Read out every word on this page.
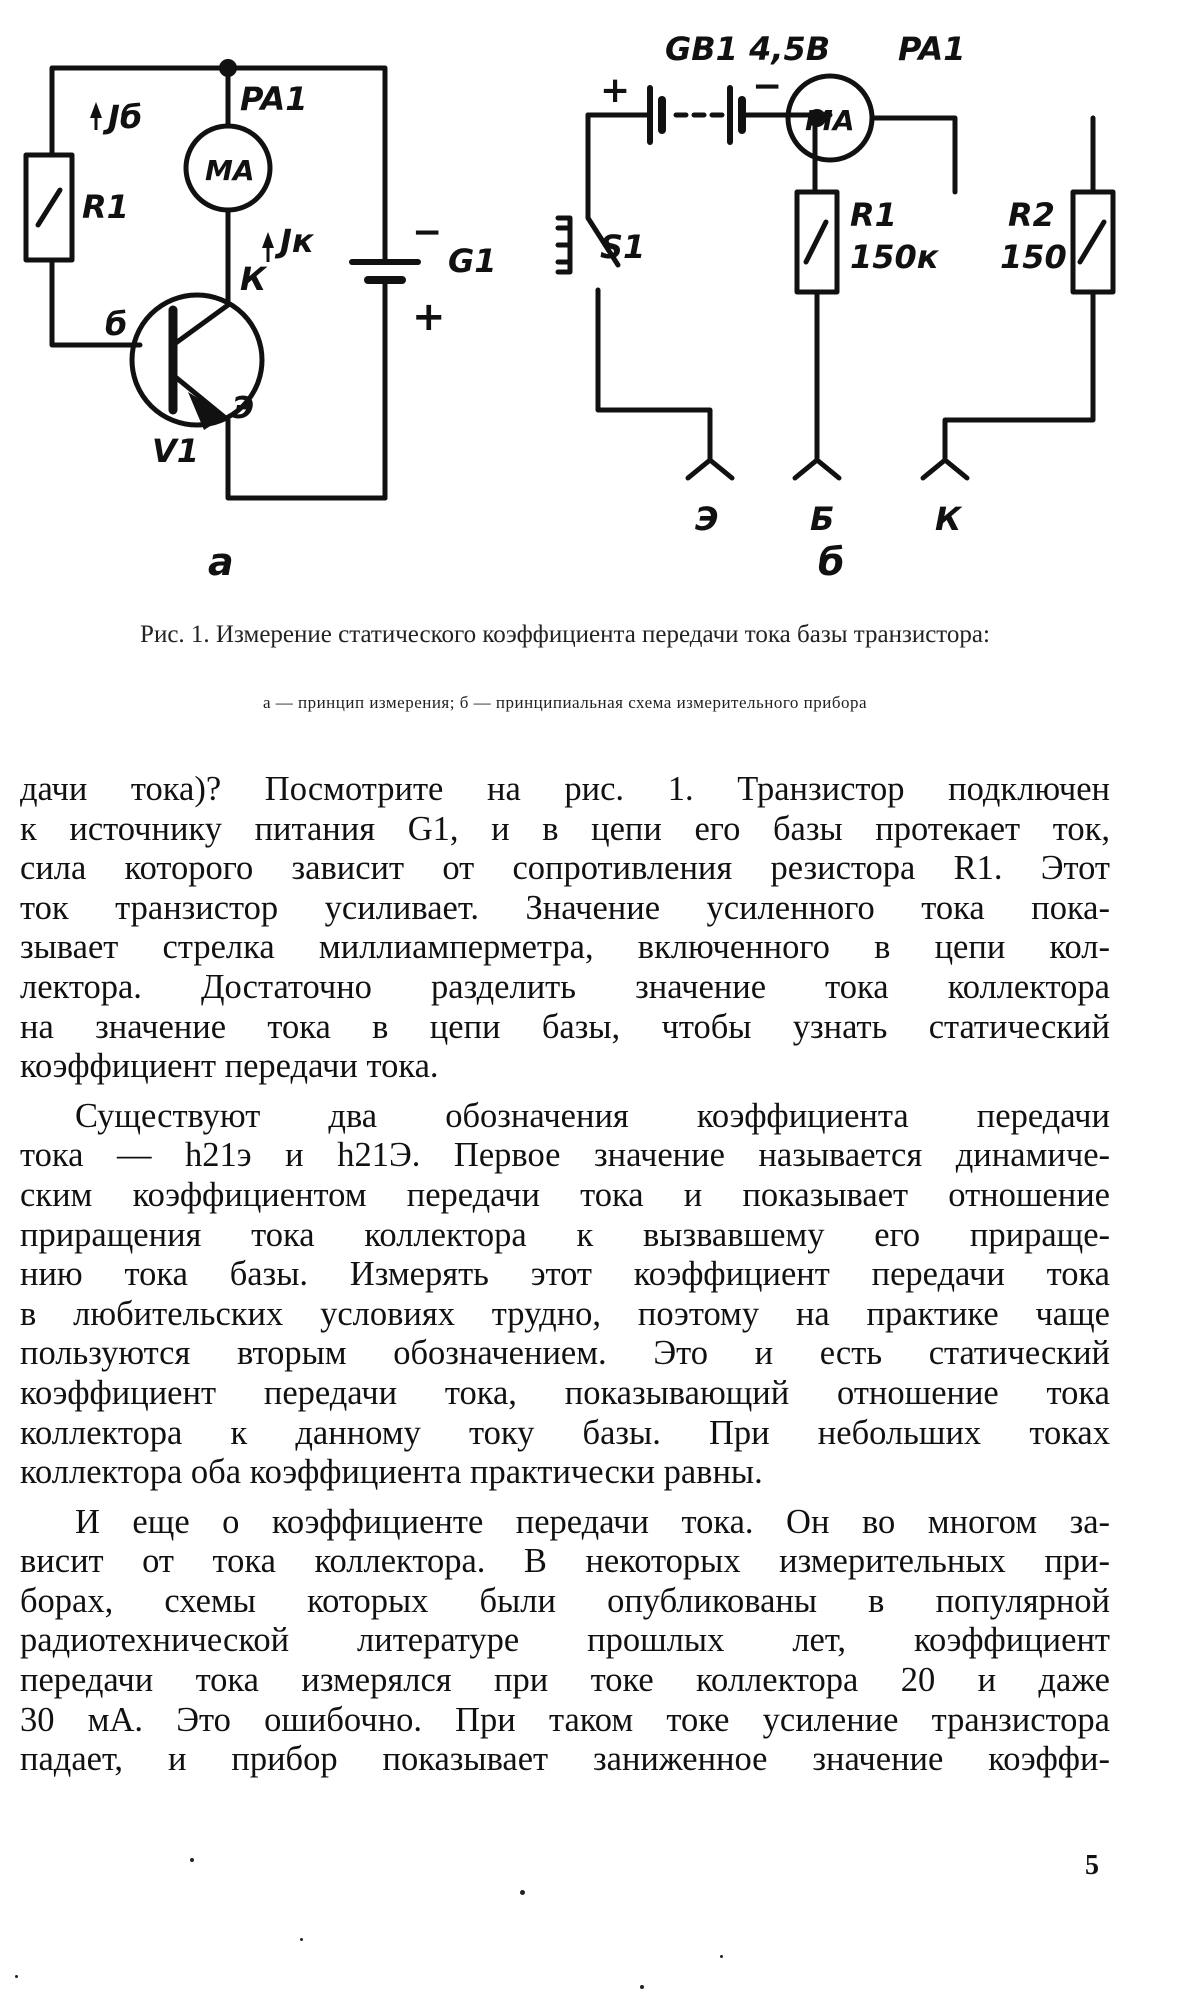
Jб	PA1
MA
R1
Jк
К
б
Э
V1
−
G1
+
а
GB1 4,5В PA1
MA
+	−
S1
R1
150к
R2
150
Э	Б	К
б
Рис. 1. Измерение статического коэффициента передачи тока базы транзистора:
а — принцип измерения; б — принципиальная схема измерительного прибора
дачи тока)? Посмотрите на рис. 1. Транзистор подключен
к источнику питания G1, и в цепи его базы протекает ток,
сила которого зависит от сопротивления резистора R1. Этот
ток транзистор усиливает. Значение усиленного тока пока-
зывает стрелка миллиамперметра, включенного в цепи кол-
лектора. Достаточно разделить значение тока коллектора
на значение тока в цепи базы, чтобы узнать статический
коэффициент передачи тока.
Существуют два обозначения коэффициента передачи
тока — h21э и h21Э. Первое значение называется динамиче-
ским коэффициентом передачи тока и показывает отношение
приращения тока коллектора к вызвавшему его прираще-
нию тока базы. Измерять этот коэффициент передачи тока
в любительских условиях трудно, поэтому на практике чаще
пользуются вторым обозначением. Это и есть статический
коэффициент передачи тока, показывающий отношение тока
коллектора к данному току базы. При небольших токах
коллектора оба коэффициента практически равны.
И еще о коэффициенте передачи тока. Он во многом за-
висит от тока коллектора. В некоторых измерительных при-
борах, схемы которых были опубликованы в популярной
радиотехнической литературе прошлых лет, коэффициент
передачи тока измерялся при токе коллектора 20 и даже
30 мА. Это ошибочно. При таком токе усиление транзистора
падает, и прибор показывает заниженное значение коэффи-
5
